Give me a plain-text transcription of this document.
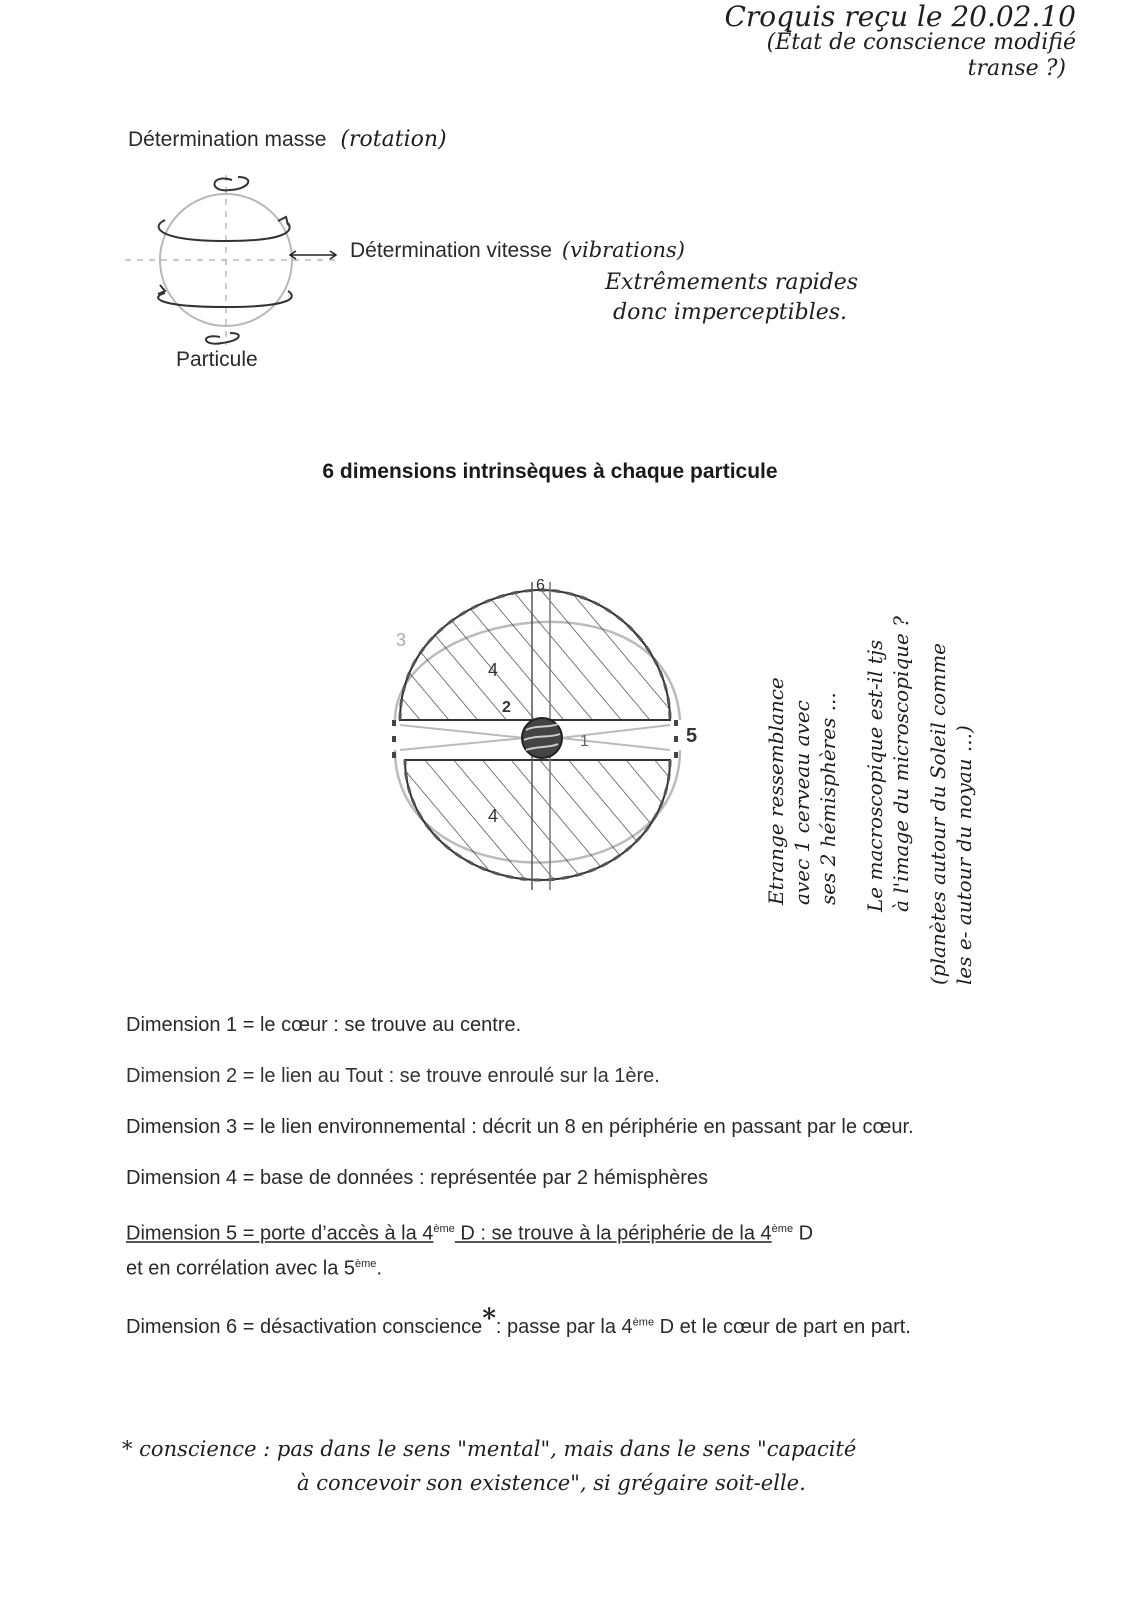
Croquis reçu le 20.02.10
(État de conscience modifié
transe ?)
Détermination masse (rotation)
Détermination vitesse (vibrations)
Extrêmements rapides
donc imperceptibles.
Particule
6 dimensions intrinsèques à chaque particule
6
3
4
2
1	5
4	Etrange ressemblance avec 1 cerveau avec ses 2 hémisphères ... Le macroscopique est-il tjs à l'image du microscopique ? (planètes autour du Soleil comme les e- autour du noyau ...)

Dimension 1 = le cœur : se trouve au centre.

Dimension 2 = le lien au Tout : se trouve enroulé sur la 1ère.

Dimension 3 = le lien environnemental : décrit un 8 en périphérie en passant par le cœur.

Dimension 4 = base de données : représentée par 2 hémisphères

Dimension 5 = porte d’accès à la 4ème D : se trouve à la périphérie de la 4ème D
et en corrélation avec la 5ème.

Dimension 6 = désactivation conscience*: passe par la 4ème D et le cœur de part en part.

* conscience : pas dans le sens "mental", mais dans le sens "capacité
à concevoir son existence", si grégaire soit-elle.
